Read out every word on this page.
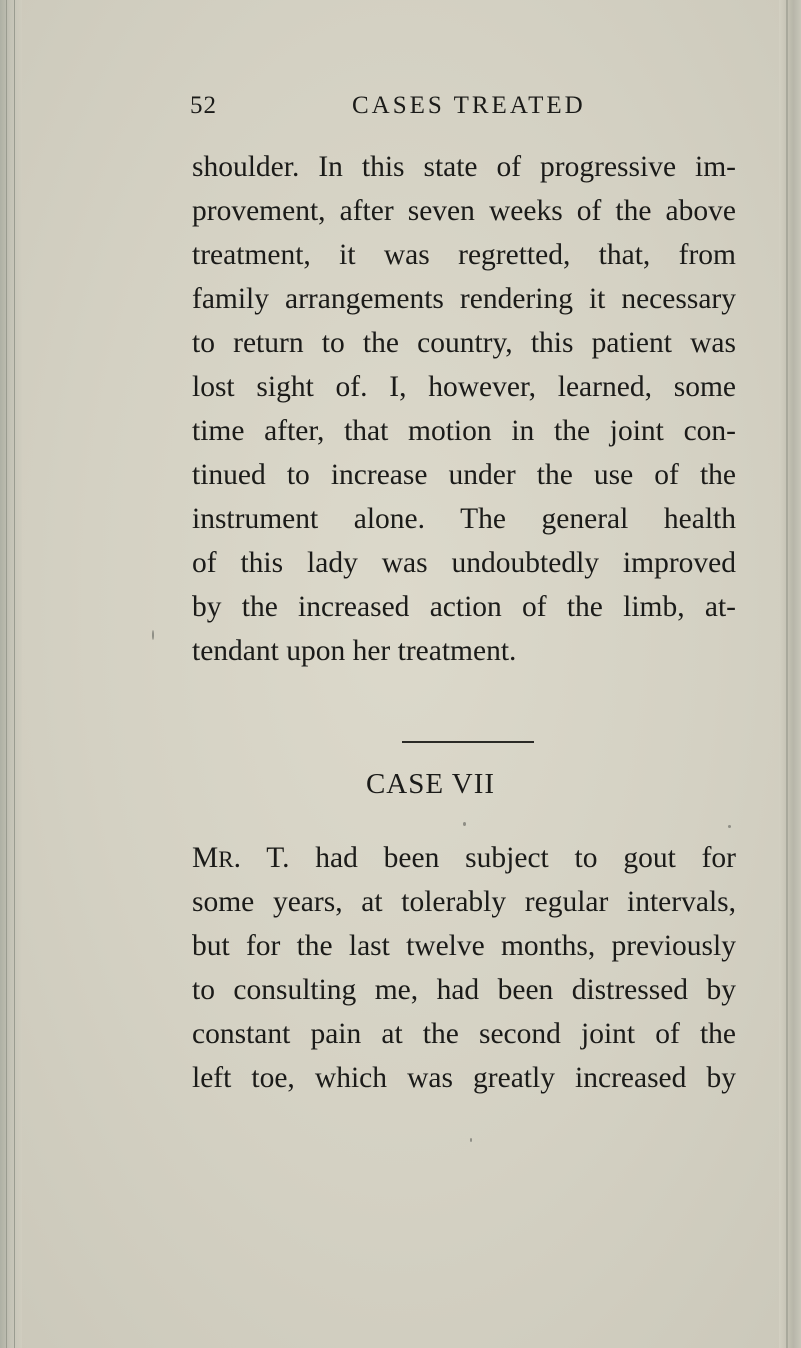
52	CASES TREATED
shoulder. In this state of progressive im-
provement, after seven weeks of the above
treatment, it was regretted, that, from
family arrangements rendering it necessary
to return to the country, this patient was
lost sight of. I, however, learned, some
time after, that motion in the joint con-
tinued to increase under the use of the
instrument alone. The general health
of this lady was undoubtedly improved
by the increased action of the limb, at-
tendant upon her treatment.
CASE VII
MR. T. had been subject to gout for
some years, at tolerably regular intervals,
but for the last twelve months, previously
to consulting me, had been distressed by
constant pain at the second joint of the
left toe, which was greatly increased by
